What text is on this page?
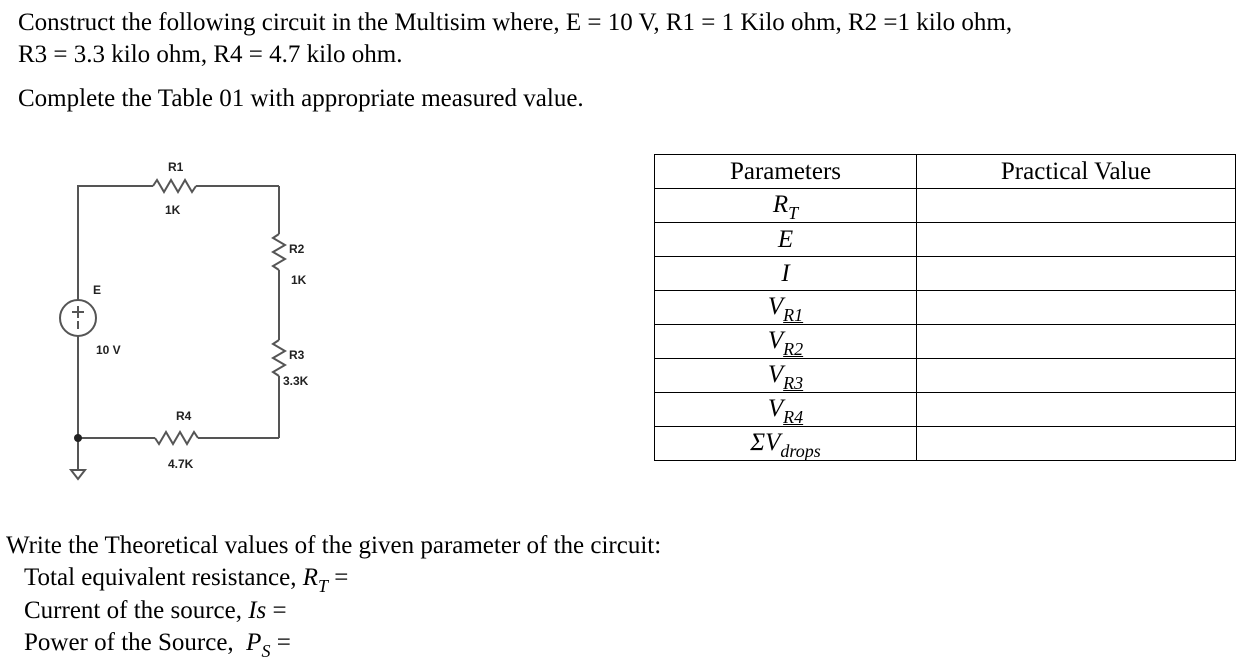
Construct the following circuit in the Multisim where, E = 10 V, R1 = 1 Kilo ohm, R2 =1 kilo ohm,
R3 = 3.3 kilo ohm, R4 = 4.7 kilo ohm.
Complete the Table 01 with appropriate measured value.
R1
1K
R2
1K
R3
3.3K
R4
4.7K
E
10 V
Parameters	Practical Value
$R_T$	
E	
I	
$V_{R1}$	
$V_{R2}$	
$V_{R3}$	
$V_{R4}$	
$\Sigma V_{drops}$	
Write the Theoretical values of the given parameter of the circuit:
Total equivalent resistance, $R_T$ =
Current of the source, Is =
Power of the Source,  $P_S$ =
